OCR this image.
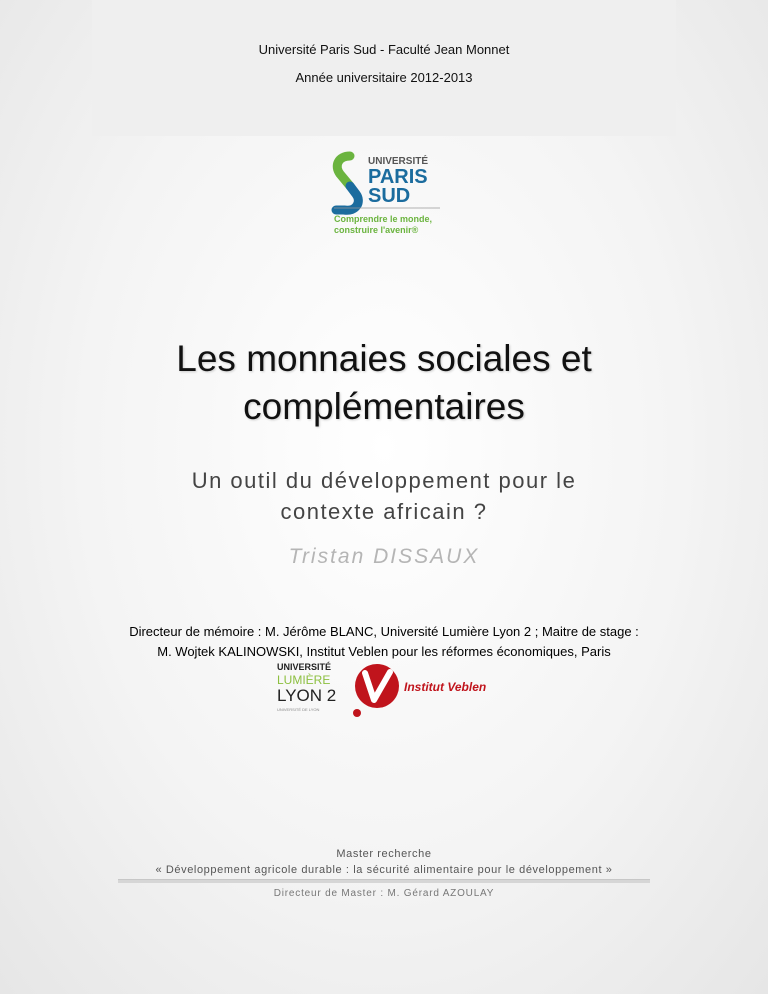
Université Paris Sud - Faculté Jean Monnet
Année universitaire 2012-2013
UNIVERSITÉ
PARIS
SUD
Comprendre le monde,
construire l'avenir®
Les monnaies sociales et
complémentaires
Un outil du développement pour le
contexte africain ?
Tristan DISSAUX
Directeur de mémoire : M. Jérôme BLANC, Université Lumière Lyon 2 ; Maitre de stage :
M. Wojtek KALINOWSKI, Institut Veblen pour les réformes économiques, Paris
UNIVERSITÉ
LUMIÈRE
LYON 2
UNIVERSITÉ DE LYON
Institut Veblen
Master recherche
« Développement agricole durable : la sécurité alimentaire pour le développement »
Directeur de Master : M. Gérard AZOULAY
